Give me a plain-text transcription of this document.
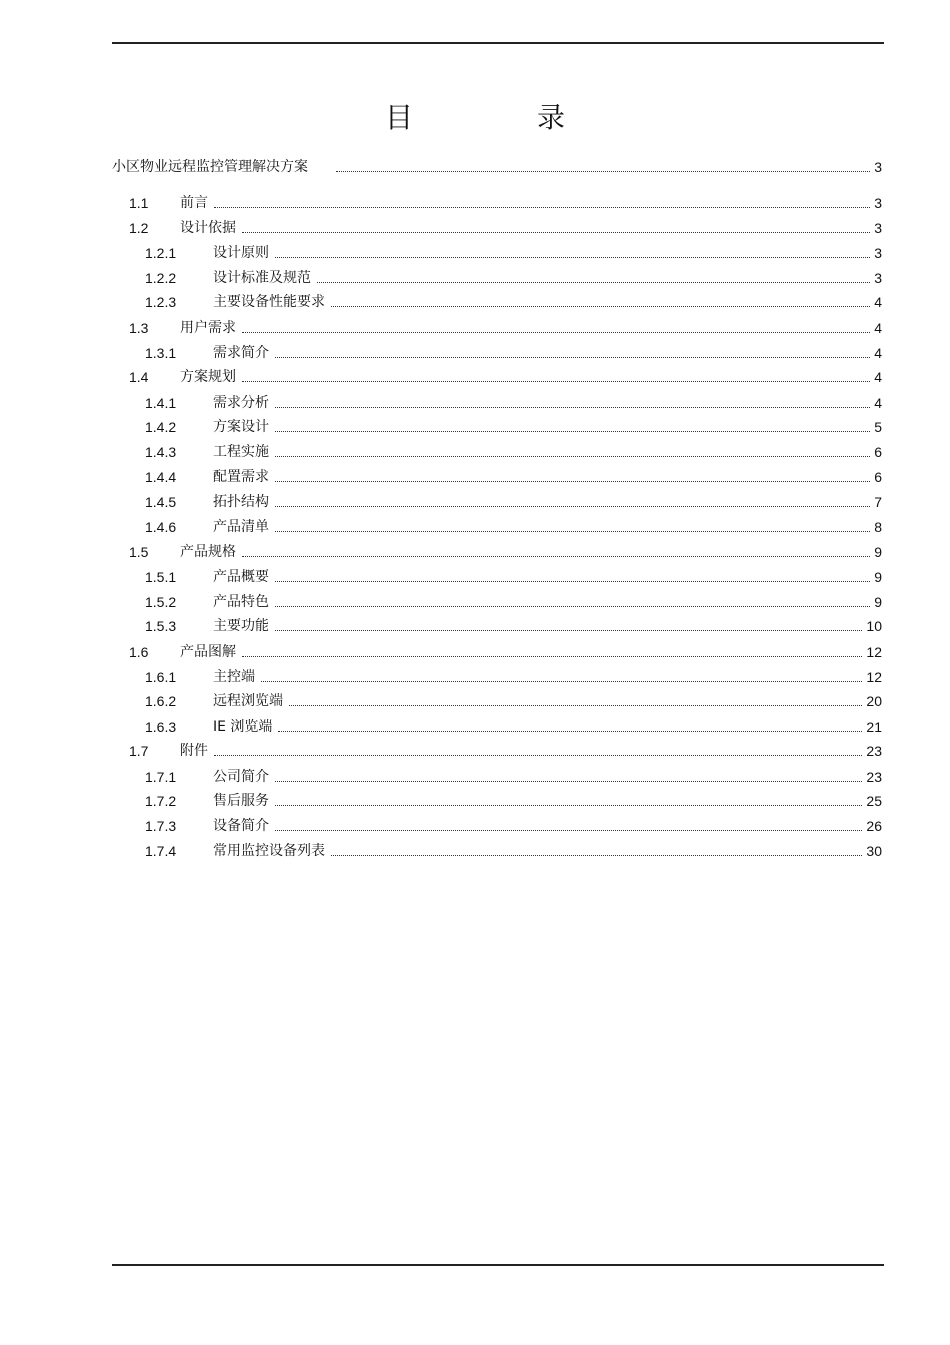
目　录
小区物业远程监控管理解决方案	3
1.1	前言	3
1.2	设计依据	3
1.2.1	设计原则	3
1.2.2	设计标准及规范	3
1.2.3	主要设备性能要求	4
1.3	用户需求	4
1.3.1	需求简介	4
1.4	方案规划	4
1.4.1	需求分析	4
1.4.2	方案设计	5
1.4.3	工程实施	6
1.4.4	配置需求	6
1.4.5	拓扑结构	7
1.4.6	产品清单	8
1.5	产品规格	9
1.5.1	产品概要	9
1.5.2	产品特色	9
1.5.3	主要功能	10
1.6	产品图解	12
1.6.1	主控端	12
1.6.2	远程浏览端	20
1.6.3	IE 浏览端	21
1.7	附件	23
1.7.1	公司简介	23
1.7.2	售后服务	25
1.7.3	设备简介	26
1.7.4	常用监控设备列表	30
